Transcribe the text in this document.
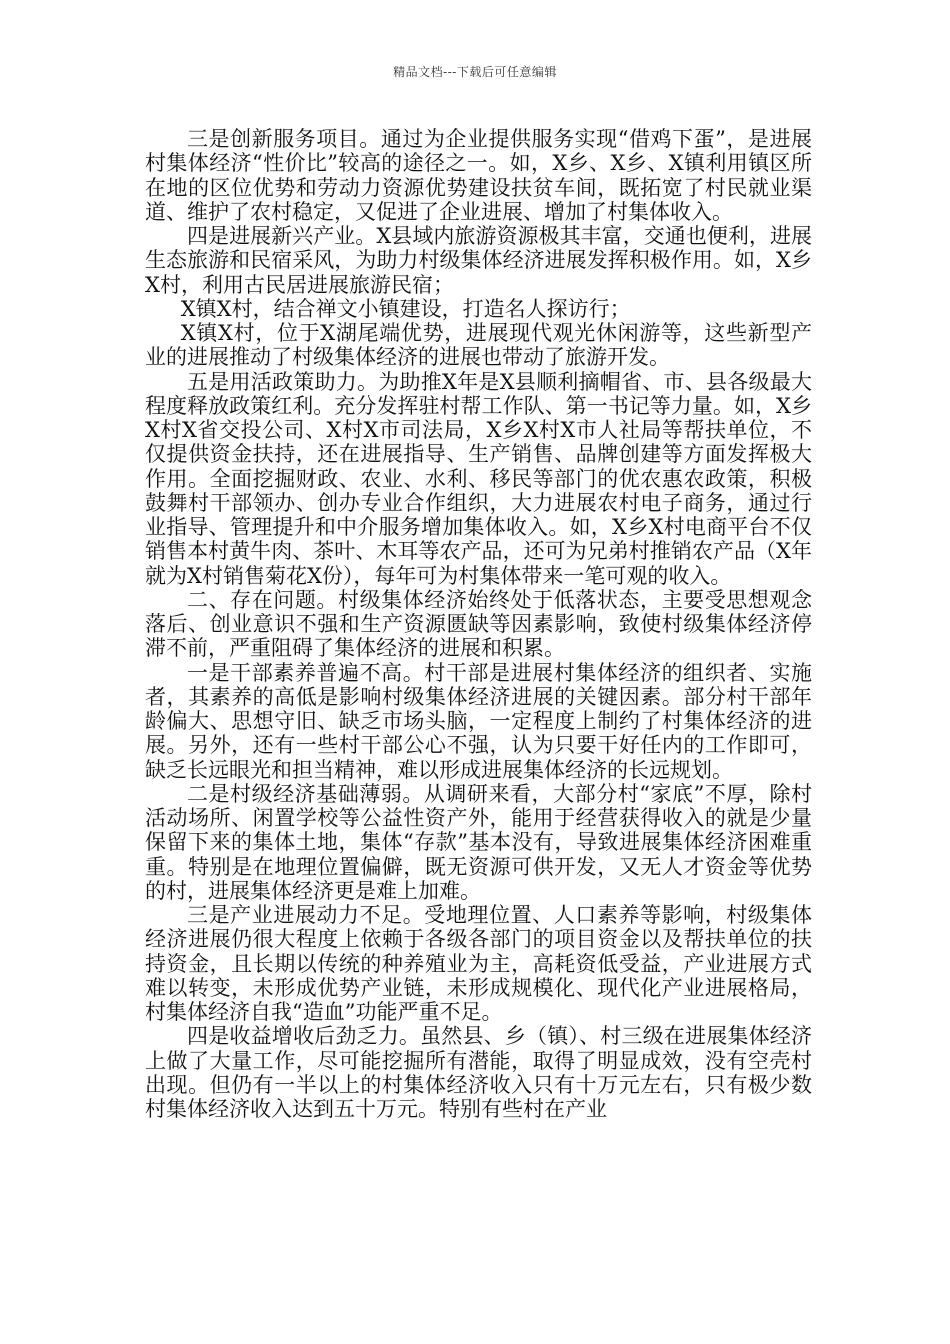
精品文档---下载后可任意编辑

三是创新服务项目。通过为企业提供服务实现“借鸡下蛋”，是进展村集体经济“性价比”较高的途径之一。如，X乡、X乡、X镇利用镇区所在地的区位优势和劳动力资源优势建设扶贫车间，既拓宽了村民就业渠道、维护了农村稳定，又促进了企业进展、增加了村集体收入。

四是进展新兴产业。X县域内旅游资源极其丰富，交通也便利，进展生态旅游和民宿采风，为助力村级集体经济进展发挥积极作用。如，X乡X村，利用古民居进展旅游民宿；

X镇X村，结合禅文小镇建设，打造名人探访行；

X镇X村，位于X湖尾端优势，进展现代观光休闲游等，这些新型产业的进展推动了村级集体经济的进展也带动了旅游开发。

五是用活政策助力。为助推X年是X县顺利摘帽省、市、县各级最大程度释放政策红利。充分发挥驻村帮工作队、第一书记等力量。如，X乡X村X省交投公司、X村X市司法局，X乡X村X市人社局等帮扶单位，不仅提供资金扶持，还在进展指导、生产销售、品牌创建等方面发挥极大作用。全面挖掘财政、农业、水利、移民等部门的优农惠农政策，积极鼓舞村干部领办、创办专业合作组织，大力进展农村电子商务，通过行业指导、管理提升和中介服务增加集体收入。如，X乡X村电商平台不仅销售本村黄牛肉、茶叶、木耳等农产品，还可为兄弟村推销农产品（X年就为X村销售菊花X份），每年可为村集体带来一笔可观的收入。

二、存在问题。村级集体经济始终处于低落状态，主要受思想观念落后、创业意识不强和生产资源匮缺等因素影响，致使村级集体经济停滞不前，严重阻碍了集体经济的进展和积累。

一是干部素养普遍不高。村干部是进展村集体经济的组织者、实施者，其素养的高低是影响村级集体经济进展的关键因素。部分村干部年龄偏大、思想守旧、缺乏市场头脑，一定程度上制约了村集体经济的进展。另外，还有一些村干部公心不强，认为只要干好任内的工作即可，缺乏长远眼光和担当精神，难以形成进展集体经济的长远规划。

二是村级经济基础薄弱。从调研来看，大部分村“家底”不厚，除村活动场所、闲置学校等公益性资产外，能用于经营获得收入的就是少量保留下来的集体土地，集体“存款”基本没有，导致进展集体经济困难重重。特别是在地理位置偏僻，既无资源可供开发，又无人才资金等优势的村，进展集体经济更是难上加难。

三是产业进展动力不足。受地理位置、人口素养等影响，村级集体经济进展仍很大程度上依赖于各级各部门的项目资金以及帮扶单位的扶持资金，且长期以传统的种养殖业为主，高耗资低受益，产业进展方式难以转变，未形成优势产业链，未形成规模化、现代化产业进展格局，村集体经济自我“造血”功能严重不足。

四是收益增收后劲乏力。虽然县、乡（镇）、村三级在进展集体经济上做了大量工作，尽可能挖掘所有潜能，取得了明显成效，没有空壳村出现。但仍有一半以上的村集体经济收入只有十万元左右，只有极少数村集体经济收入达到五十万元。特别有些村在产业
